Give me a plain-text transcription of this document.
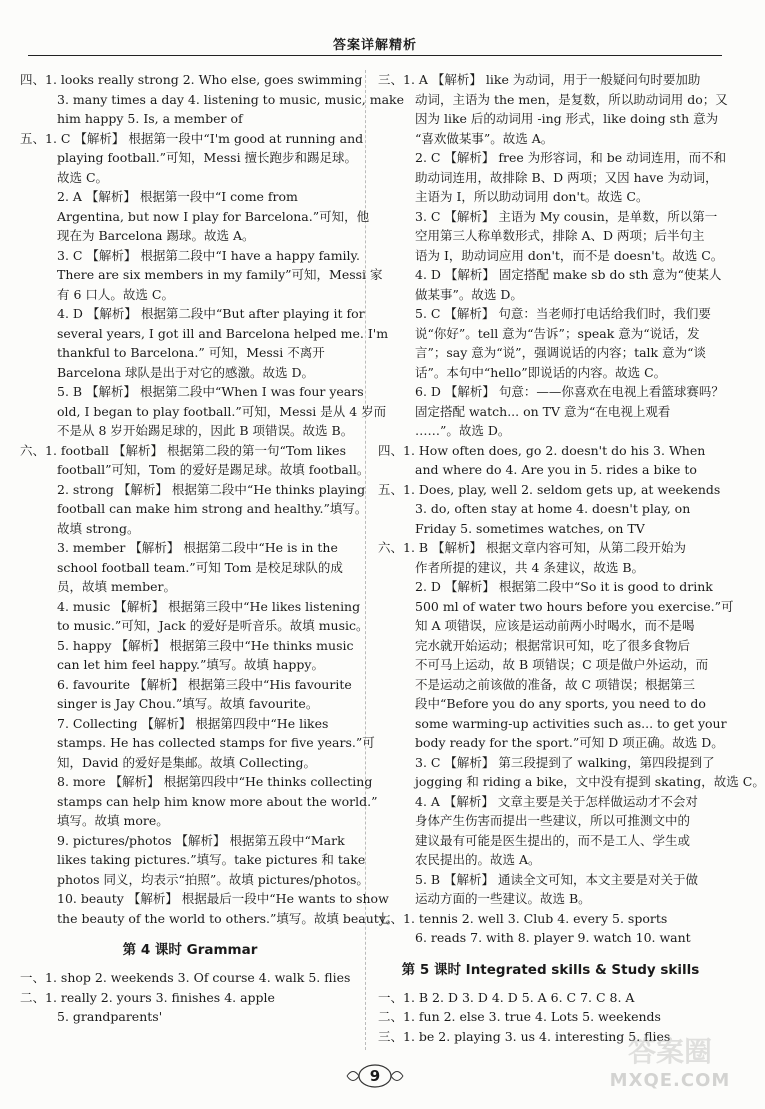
答案详解精析
四、1. looks really strong 2. Who else, goes swimming
3. many times a day 4. listening to music, music, make
him happy 5. Is, a member of
五、1. C 【解析】 根据第一段中“I'm good at running and
playing football.”可知，Messi 擅长跑步和踢足球。
故选 C。
2. A 【解析】 根据第一段中“I come from
Argentina, but now I play for Barcelona.”可知，他
现在为 Barcelona 踢球。故选 A。
3. C 【解析】 根据第二段中“I have a happy family.
There are six members in my family”可知，Messi 家
有 6 口人。故选 C。
4. D 【解析】 根据第二段中“But after playing it for
several years, I got ill and Barcelona helped me. I'm
thankful to Barcelona.” 可知，Messi 不离开
Barcelona 球队是出于对它的感激。故选 D。
5. B 【解析】 根据第二段中“When I was four years
old, I began to play football.”可知，Messi 是从 4 岁而
不是从 8 岁开始踢足球的，因此 B 项错误。故选 B。
六、1. football 【解析】 根据第二段的第一句“Tom likes
football”可知，Tom 的爱好是踢足球。故填 football。
2. strong 【解析】 根据第二段中“He thinks playing
football can make him strong and healthy.”填写。
故填 strong。
3. member 【解析】 根据第二段中“He is in the
school football team.”可知 Tom 是校足球队的成
员，故填 member。
4. music 【解析】 根据第三段中“He likes listening
to music.”可知，Jack 的爱好是听音乐。故填 music。
5. happy 【解析】 根据第三段中“He thinks music
can let him feel happy.”填写。故填 happy。
6. favourite 【解析】 根据第三段中“His favourite
singer is Jay Chou.”填写。故填 favourite。
7. Collecting 【解析】 根据第四段中“He likes
stamps. He has collected stamps for five years.”可
知，David 的爱好是集邮。故填 Collecting。
8. more 【解析】 根据第四段中“He thinks collecting
stamps can help him know more about the world.”
填写。故填 more。
9. pictures/photos 【解析】 根据第五段中“Mark
likes taking pictures.”填写。take pictures 和 take
photos 同义，均表示“拍照”。故填 pictures/photos。
10. beauty 【解析】 根据最后一段中“He wants to show
the beauty of the world to others.”填写。故填 beauty。
第 4 课时 Grammar
一、1. shop 2. weekends 3. Of course 4. walk 5. flies
二、1. really 2. yours 3. finishes 4. apple
5. grandparents'
三、1. A 【解析】 like 为动词，用于一般疑问句时要加助
动词，主语为 the men，是复数，所以助动词用 do；又
因为 like 后的动词用 -ing 形式，like doing sth 意为
“喜欢做某事”。故选 A。
2. C 【解析】 free 为形容词，和 be 动词连用，而不和
助动词连用，故排除 B、D 两项；又因 have 为动词，
主语为 I，所以助动词用 don't。故选 C。
3. C 【解析】 主语为 My cousin，是单数，所以第一
空用第三人称单数形式，排除 A、D 两项；后半句主
语为 I，助动词应用 don't，而不是 doesn't。故选 C。
4. D 【解析】 固定搭配 make sb do sth 意为“使某人
做某事”。故选 D。
5. C 【解析】 句意：当老师打电话给我们时，我们要
说“你好”。tell 意为“告诉”；speak 意为“说话，发
言”；say 意为“说”，强调说话的内容；talk 意为“谈
话”。本句中“hello”即说话的内容。故选 C。
6. D 【解析】 句意：——你喜欢在电视上看篮球赛吗？
固定搭配 watch... on TV 意为“在电视上观看
……”。故选 D。
四、1. How often does, go 2. doesn't do his 3. When
and where do 4. Are you in 5. rides a bike to
五、1. Does, play, well 2. seldom gets up, at weekends
3. do, often stay at home 4. doesn't play, on
Friday 5. sometimes watches, on TV
六、1. B 【解析】 根据文章内容可知，从第二段开始为
作者所提的建议，共 4 条建议，故选 B。
2. D 【解析】 根据第二段中“So it is good to drink
500 ml of water two hours before you exercise.”可
知 A 项错误，应该是运动前两小时喝水，而不是喝
完水就开始运动；根据常识可知，吃了很多食物后
不可马上运动，故 B 项错误；C 项是做户外运动，而
不是运动之前该做的准备，故 C 项错误；根据第三
段中“Before you do any sports, you need to do
some warming-up activities such as... to get your
body ready for the sport.”可知 D 项正确。故选 D。
3. C 【解析】 第三段提到了 walking，第四段提到了
jogging 和 riding a bike，文中没有提到 skating，故选 C。
4. A 【解析】 文章主要是关于怎样做运动才不会对
身体产生伤害而提出一些建议，所以可推测文中的
建议最有可能是医生提出的，而不是工人、学生或
农民提出的。故选 A。
5. B 【解析】 通读全文可知，本文主要是对关于做
运动方面的一些建议。故选 B。
七、1. tennis 2. well 3. Club 4. every 5. sports
6. reads 7. with 8. player 9. watch 10. want
第 5 课时 Integrated skills & Study skills
一、1. B 2. D 3. D 4. D 5. A 6. C 7. C 8. A
二、1. fun 2. else 3. true 4. Lots 5. weekends
三、1. be 2. playing 3. us 4. interesting 5. flies
9
答案圈
MXQE.COM
